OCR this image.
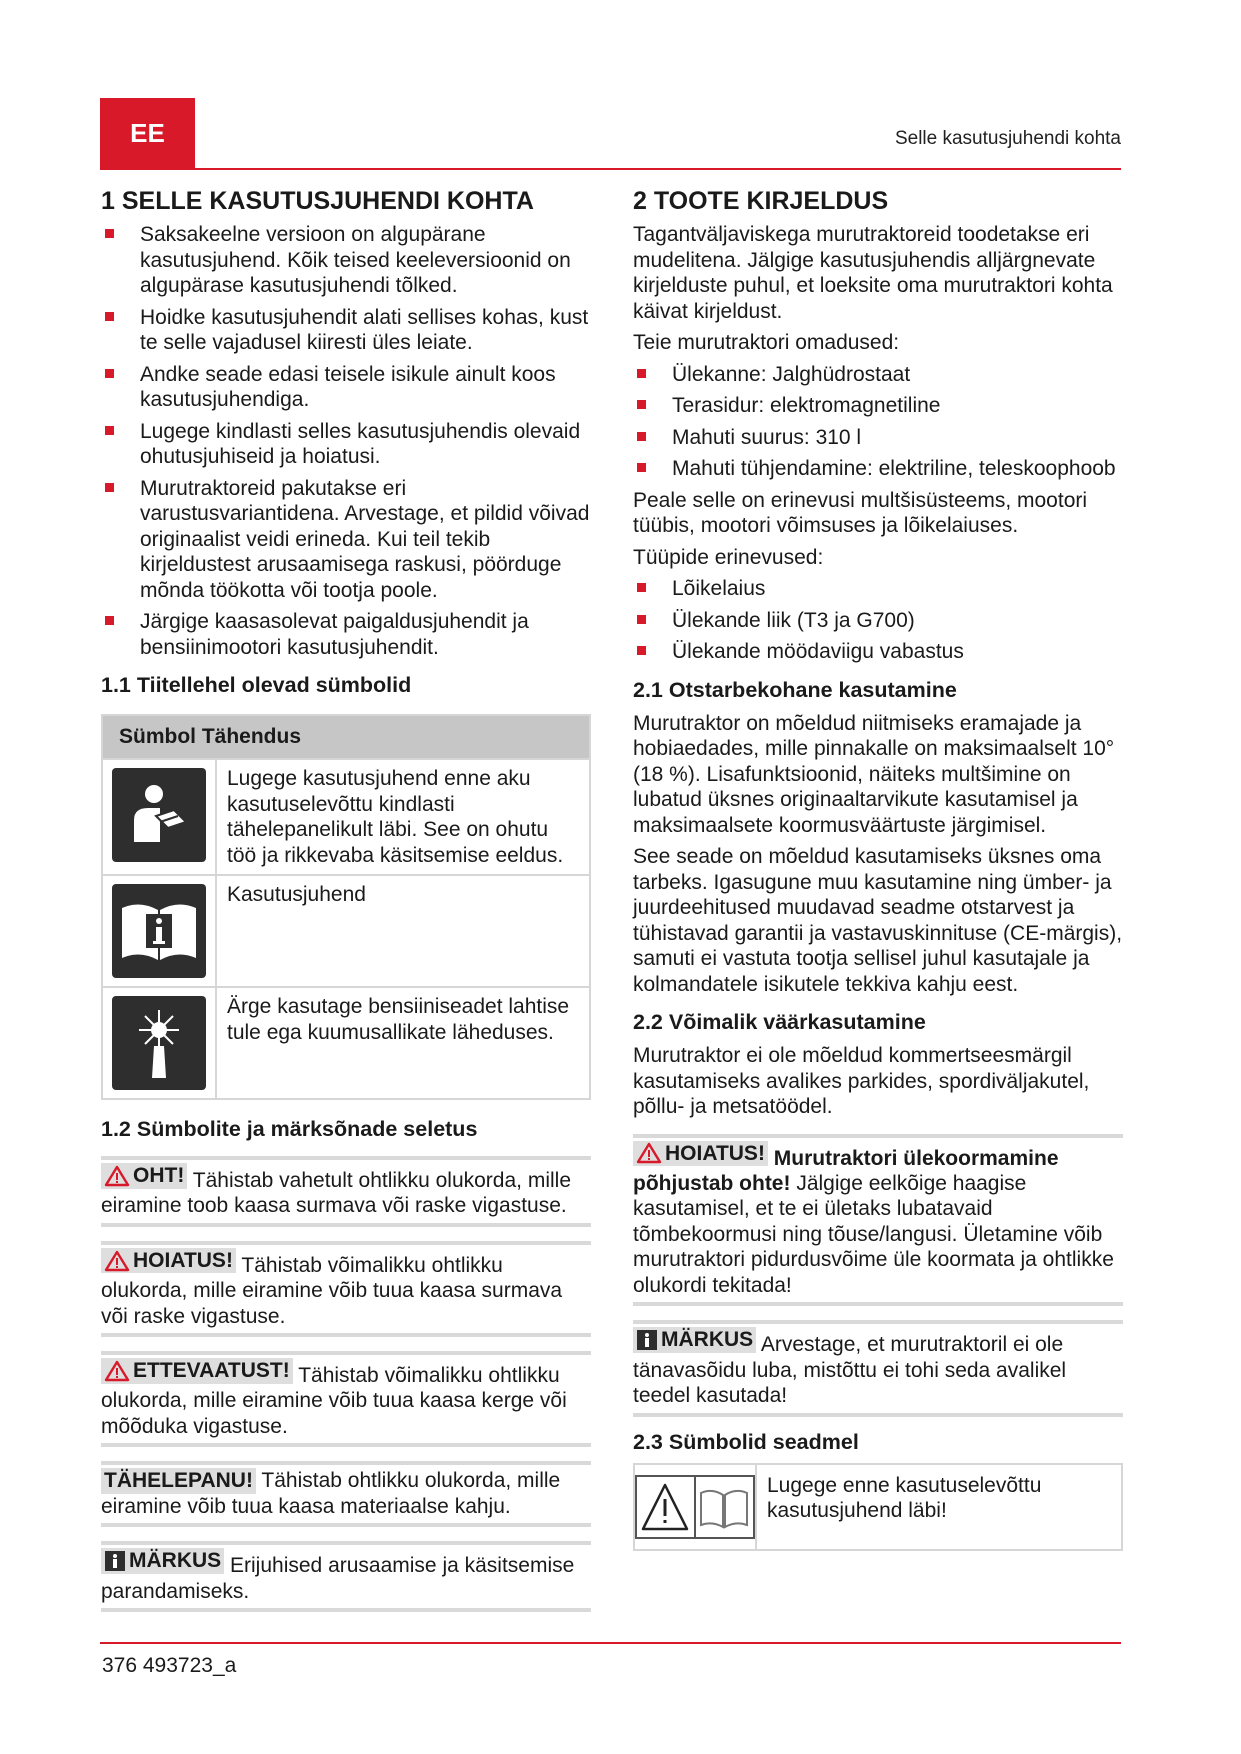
EE	Selle kasutusjuhendi kohta
1 SELLE KASUTUSJUHENDI KOHTA
Saksakeelne versioon on algupärane kasutusjuhend. Kõik teised keeleversioonid on algupärase kasutusjuhendi tõlked.
Hoidke kasutusjuhendit alati sellises kohas, kust te selle vajadusel kiiresti üles leiate.
Andke seade edasi teisele isikule ainult koos kasutusjuhendiga.
Lugege kindlasti selles kasutusjuhendis olevaid ohutusjuhiseid ja hoiatusi.
Murutraktoreid pakutakse eri varustusvariantidena. Arvestage, et pildid võivad originaalist veidi erineda. Kui teil tekib kirjeldustest arusaamisega raskusi, pöörduge mõnda töökotta või tootja poole.
Järgige kaasasolevat paigaldusjuhendit ja bensiinimootori kasutusjuhendit.
1.1 Tiitellehel olevad sümbolid
Sümbol Tähendus
Lugege kasutusjuhend enne aku kasutuselevõttu kindlasti tähelepanelikult läbi. See on ohutu töö ja rikkevaba käsitsemise eeldus.
Kasutusjuhend
Ärge kasutage bensiiniseadet lahtise tule ega kuumusallikate läheduses.
1.2 Sümbolite ja märksõnade seletus
OHT! Tähistab vahetult ohtlikku olukorda, mille eiramine toob kaasa surmava või raske vigastuse.
HOIATUS! Tähistab võimalikku ohtlikku olukorda, mille eiramine võib tuua kaasa surmava või raske vigastuse.
ETTEVAATUST! Tähistab võimalikku ohtlikku olukorda, mille eiramine võib tuua kaasa kerge või mõõduka vigastuse.
TÄHELEPANU! Tähistab ohtlikku olukorda, mille eiramine võib tuua kaasa materiaalse kahju.
MÄRKUS Erijuhised arusaamise ja käsitsemise parandamiseks.
2 TOOTE KIRJELDUS

Tagantväljaviskega murutraktoreid toodetakse eri mudelitena. Jälgige kasutusjuhendis alljärgnevate kirjelduste puhul, et loeksite oma murutraktori kohta käivat kirjeldust.

Teie murutraktori omadused:

Ülekanne: Jalghüdrostaat
Terasidur: elektromagnetiline
Mahuti suurus: 310 l
Mahuti tühjendamine: elektriline, teleskoophoob

Peale selle on erinevusi multšisüsteems, mootori tüübis, mootori võimsuses ja lõikelaiuses.

Tüüpide erinevused:

Lõikelaius
Ülekande liik (T3 ja G700)
Ülekande möödaviigu vabastus
2.1 Otstarbekohane kasutamine

Murutraktor on mõeldud niitmiseks eramajade ja hobiaedades, mille pinnakalle on maksimaalselt 10° (18 %). Lisafunktsioonid, näiteks multšimine on lubatud üksnes originaaltarvikute kasutamisel ja maksimaalsete koormusväärtuste järgimisel.

See seade on mõeldud kasutamiseks üksnes oma tarbeks. Igasugune muu kasutamine ning ümber- ja juurdeehitused muudavad seadme otstarvest ja tühistavad garantii ja vastavuskinnituse (CE-märgis), samuti ei vastuta tootja sellisel juhul kasutajale ja kolmandatele isikutele tekkiva kahju eest.

2.2 Võimalik väärkasutamine

Murutraktor ei ole mõeldud kommertseesmärgil kasutamiseks avalikes parkides, spordiväljakutel, põllu- ja metsatöödel.

HOIATUS! Murutraktori ülekoormamine põhjustab ohte! Jälgige eelkõige haagise kasutamisel, et te ei ületaks lubatavaid tõmbekoormusi ning tõuse/langusi. Ületamine võib murutraktori pidurdusvõime üle koormata ja ohtlikke olukordi tekitada!
MÄRKUS Arvestage, et murutraktoril ei ole tänavasõidu luba, mistõttu ei tohi seda avalikel teedel kasutada!
2.3 Sümbolid seadmel
Lugege enne kasutuselevõttu kasutusjuhend läbi!
376 493723_a
